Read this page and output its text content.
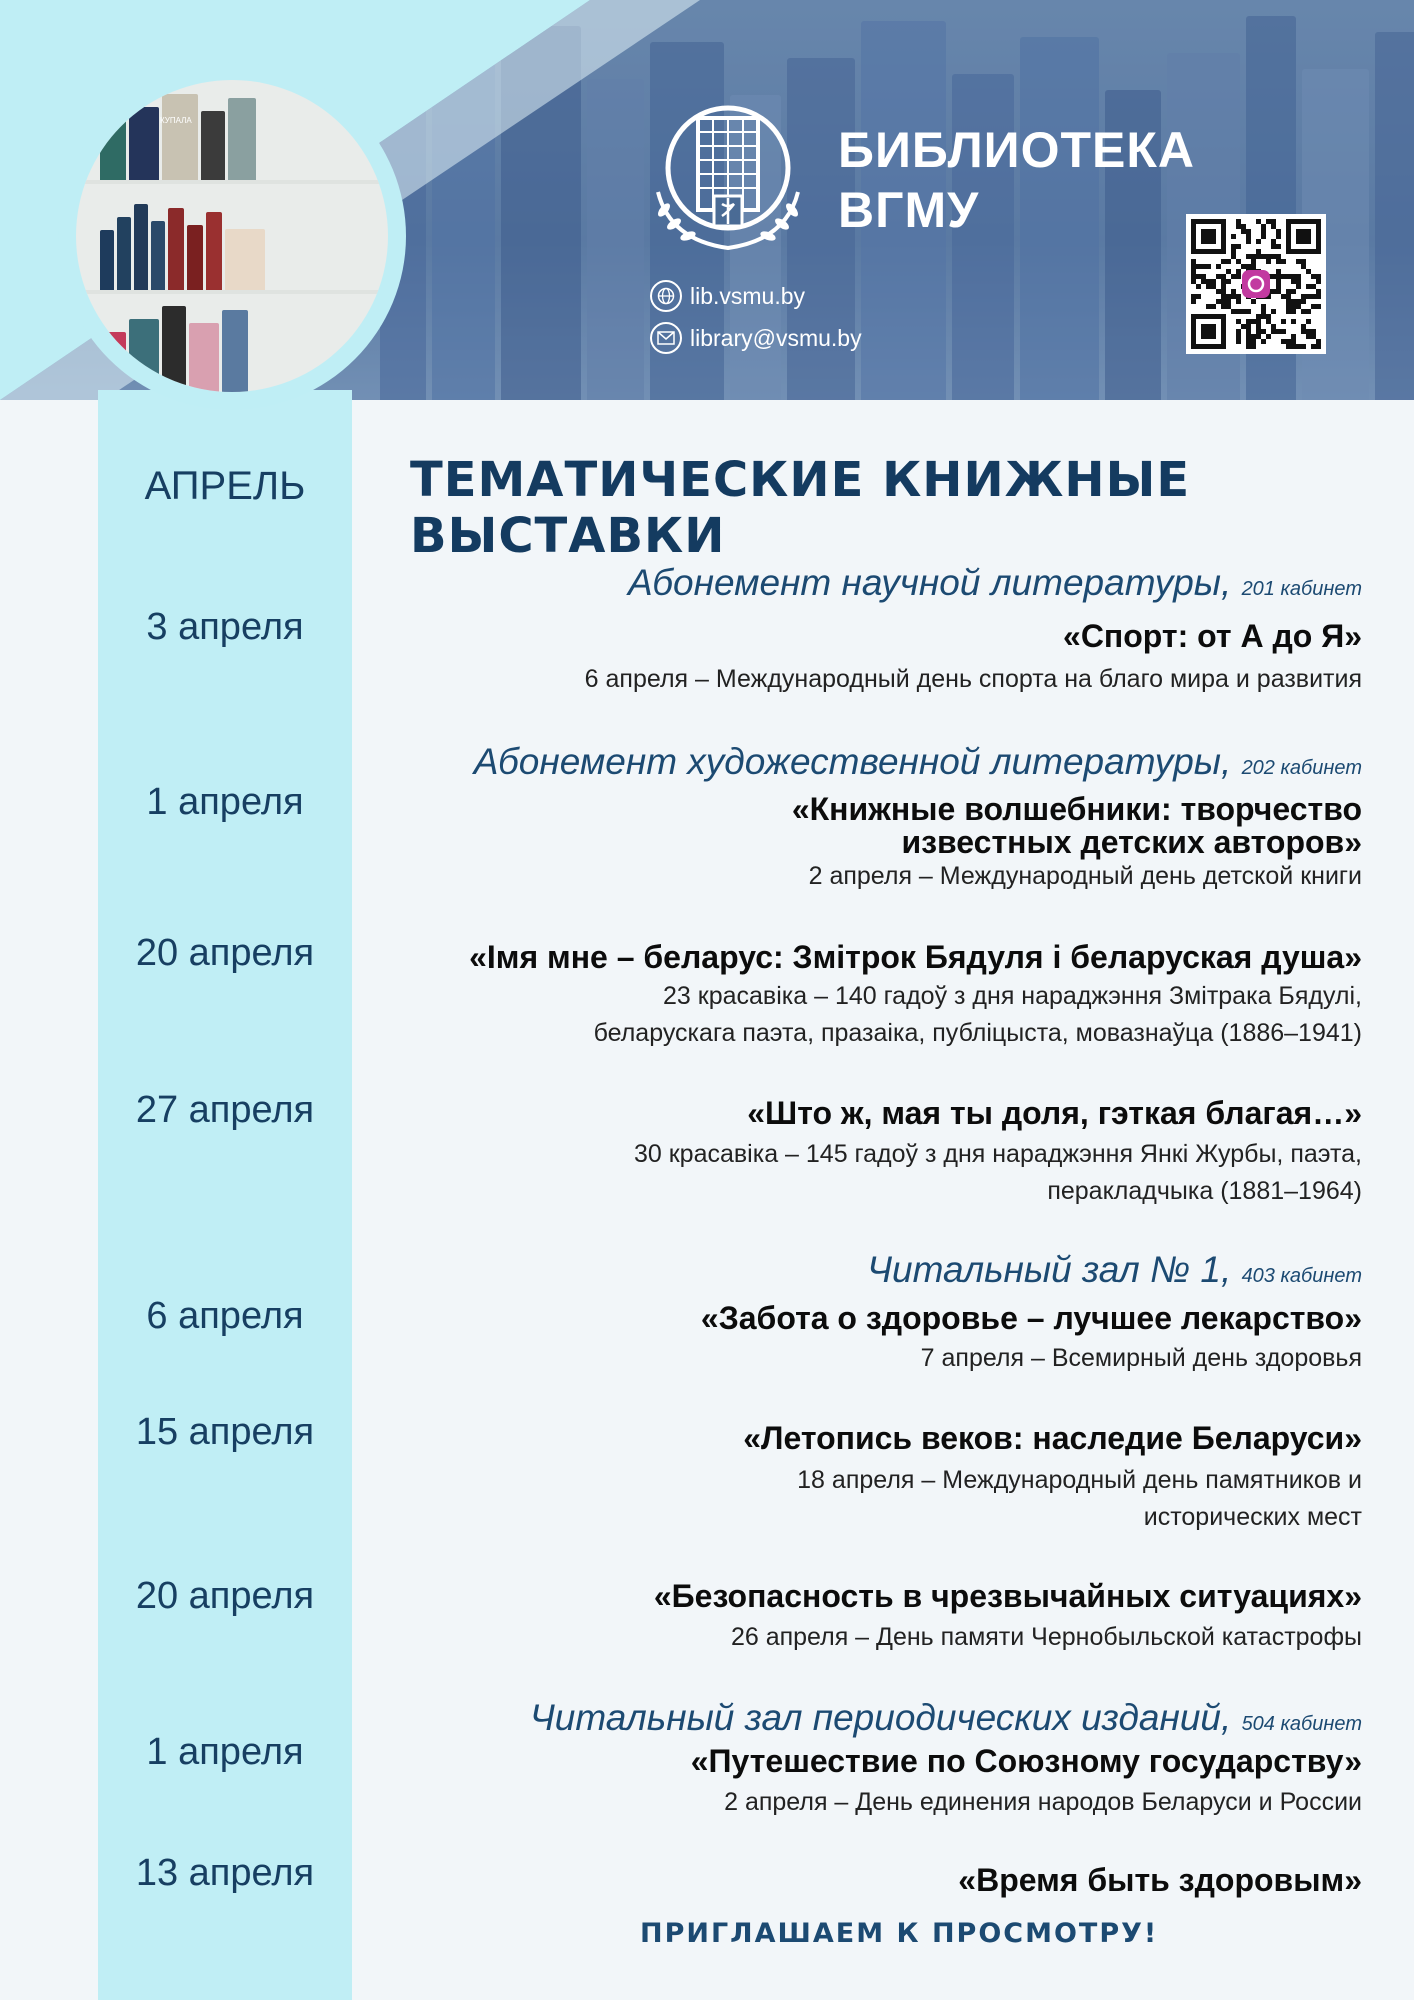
БИБЛИОТЕКА
ВГМУ
lib.vsmu.by
library@vsmu.by
КУПАЛА
АПРЕЛЬ
3 апреля
1 апреля
20 апреля
27 апреля
6 апреля
15 апреля
20 апреля
1 апреля
13 апреля
ТЕМАТИЧЕСКИЕ КНИЖНЫЕ ВЫСТАВКИ
Абонемент научной литературы, 201 кабинет
«Спорт: от А до Я»
6 апреля – Международный день спорта на благо мира и развития
Абонемент художественной литературы, 202 кабинет
«Книжные волшебники: творчество
известных детских авторов»
2 апреля – Международный день детской книги
«Імя мне – беларус: Змітрок Бядуля і беларуская душа»
23 красавіка – 140 гадоў з дня нараджэння Змітрака Бядулі,
беларускага паэта, празаіка, публіцыста, мовазнаўца (1886–1941)
«Што ж, мая ты доля, гэткая благая…»
30 красавіка – 145 гадоў з дня нараджэння Янкі Журбы, паэта,
перакладчыка (1881–1964)
Читальный зал № 1, 403 кабинет
«Забота о здоровье – лучшее лекарство»
7 апреля – Всемирный день здоровья
«Летопись веков: наследие Беларуси»
18 апреля – Международный день памятников и
исторических мест
«Безопасность в чрезвычайных ситуациях»
26 апреля – День памяти Чернобыльской катастрофы
Читальный зал периодических изданий, 504 кабинет
«Путешествие по Союзному государству»
2 апреля – День единения народов Беларуси и России
«Время быть здоровым»
ПРИГЛАШАЕМ К ПРОСМОТРУ!
